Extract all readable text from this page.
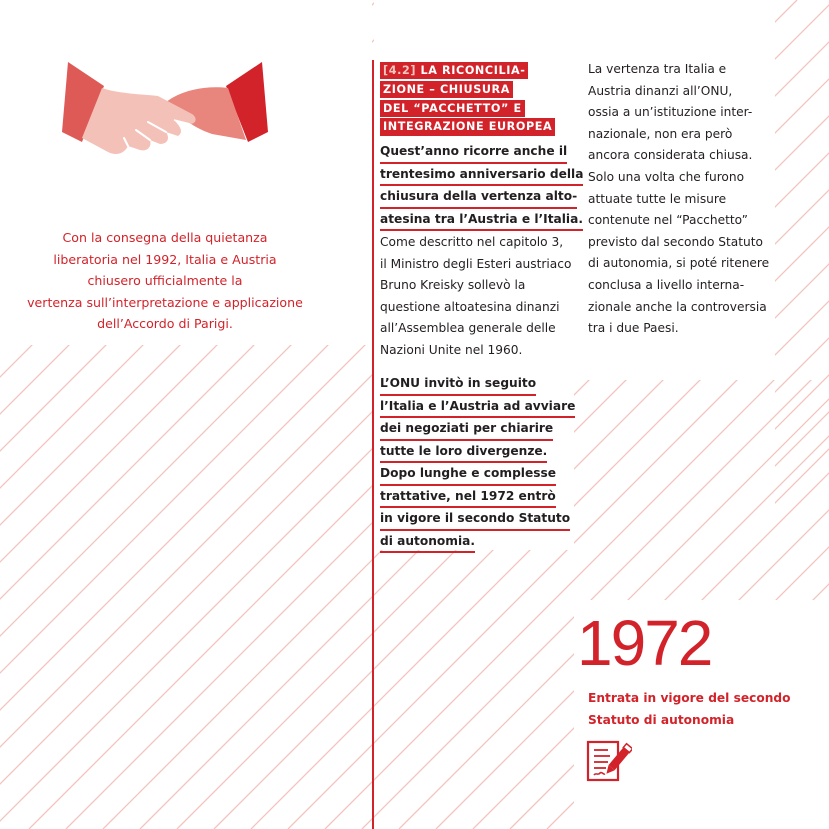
Con la consegna della quietanza
liberatoria nel 1992, Italia e Austria
chiusero ufficialmente la
vertenza sull’interpretazione e applicazione
dell’Accordo di Parigi.
[4.2] LA RICONCILIA-
ZIONE – CHIUSURA
DEL “PACCHETTO” E
INTEGRAZIONE EUROPEA
Quest’anno ricorre anche il
trentesimo anniversario della
chiusura della vertenza alto-
atesina tra l’Austria e l’Italia.
Come descritto nel capitolo 3,
il Ministro degli Esteri austriaco
Bruno Kreisky sollevò la
questione altoatesina dinanzi
all’Assemblea generale delle
Nazioni Unite nel 1960.
L’ONU invitò in seguito
l’Italia e l’Austria ad avviare
dei negoziati per chiarire
tutte le loro divergenze.
Dopo lunghe e complesse
trattative, nel 1972 entrò
in vigore il secondo Statuto
di autonomia.
La vertenza tra Italia e
Austria dinanzi all’ONU,
ossia a un’istituzione inter-
nazionale, non era però
ancora considerata chiusa.
Solo una volta che furono
attuate tutte le misure
contenute nel “Pacchetto”
previsto dal secondo Statuto
di autonomia, si poté ritenere
conclusa a livello interna-
zionale anche la controversia
tra i due Paesi.
1972
Entrata in vigore del secondo
Statuto di autonomia
